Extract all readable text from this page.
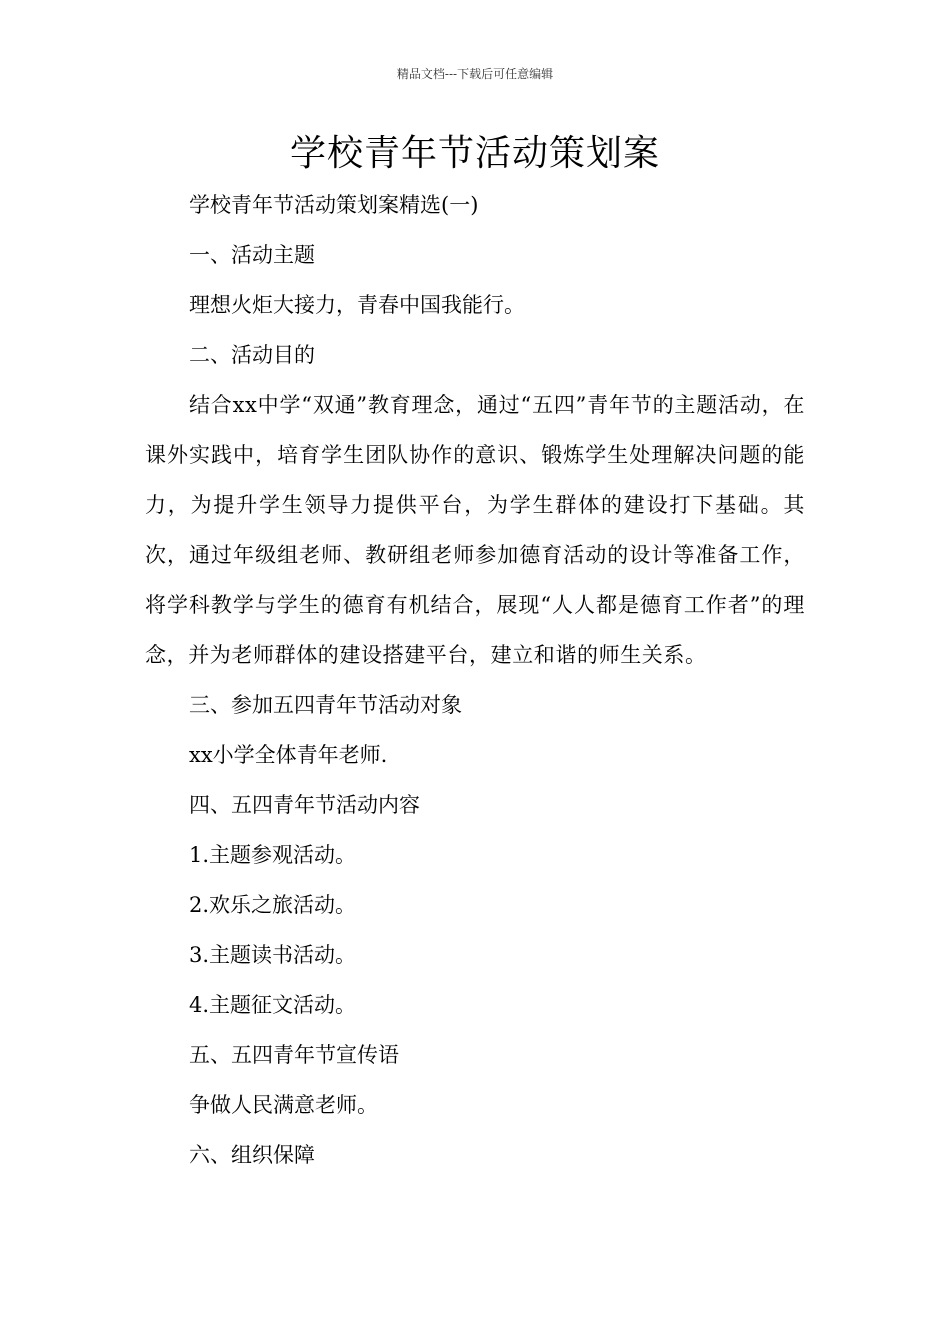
精品文档---下载后可任意编辑
学校青年节活动策划案
学校青年节活动策划案精选(一)
一、活动主题
理想火炬大接力，青春中国我能行。
二、活动目的

结合xx中学“双通”教育理念，通过“五四”青年节的主题活动，在课外实践中，培育学生团队协作的意识、锻炼学生处理解决问题的能力，为提升学生领导力提供平台，为学生群体的建设打下基础。其次，通过年级组老师、教研组老师参加德育活动的设计等准备工作，将学科教学与学生的德育有机结合，展现“人人都是德育工作者”的理念，并为老师群体的建设搭建平台，建立和谐的师生关系。

三、参加五四青年节活动对象
xx小学全体青年老师.
四、五四青年节活动内容
1.主题参观活动。
2.欢乐之旅活动。
3.主题读书活动。
4.主题征文活动。
五、五四青年节宣传语
争做人民满意老师。
六、组织保障
